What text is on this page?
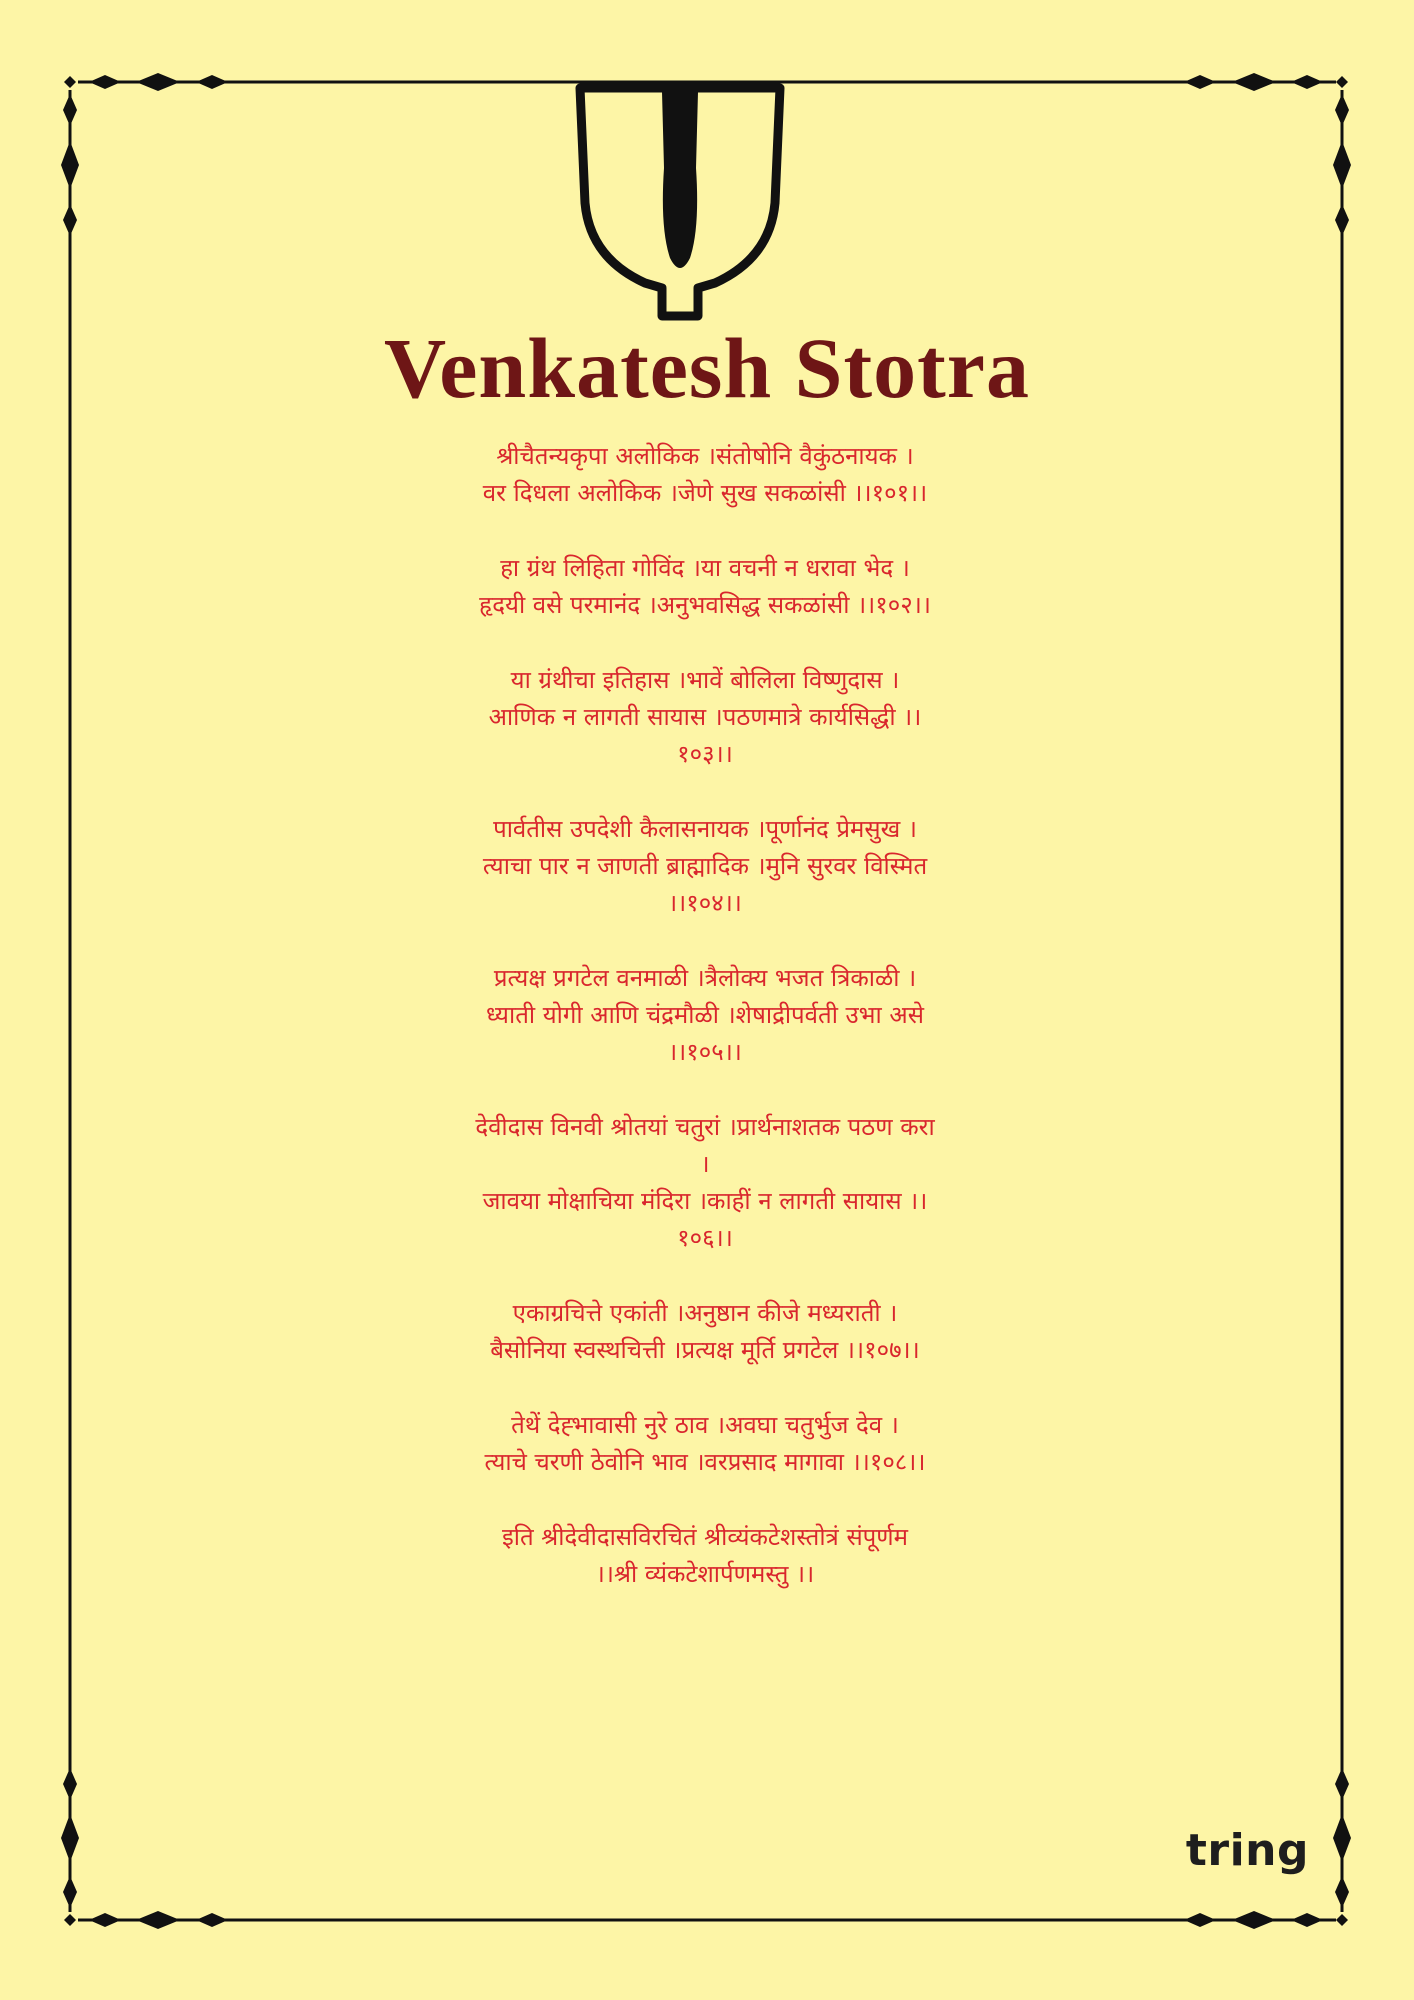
Venkatesh Stotra
श्रीचैतन्यकृपा अलोकिक ।संतोषोनि वैकुंठनायक ।
वर दिधला अलोकिक ।जेणे सुख सकळांसी ।।१०१।।
हा ग्रंथ लिहिता गोविंद ।या वचनी न धरावा भेद ।
हृदयी वसे परमानंद ।अनुभवसिद्ध सकळांसी ।।१०२।।
या ग्रंथीचा इतिहास ।भावें बोलिला विष्णुदास ।
आणिक न लागती सायास ।पठणमात्रे कार्यसिद्धी ।।
१०३।।
पार्वतीस उपदेशी कैलासनायक ।पूर्णानंद प्रेमसुख ।
त्याचा पार न जाणती ब्राह्मादिक ।मुनि सुरवर विस्मित
।।१०४।।
प्रत्यक्ष प्रगटेल वनमाळी ।त्रैलोक्य भजत त्रिकाळी ।
ध्याती योगी आणि चंद्रमौळी ।शेषाद्रीपर्वती उभा असे
।।१०५।।
देवीदास विनवी श्रोतयां चतुरां ।प्रार्थनाशतक पठण करा
।
जावया मोक्षाचिया मंदिरा ।काहीं न लागती सायास ।।
१०६।।
एकाग्रचित्ते एकांती ।अनुष्ठान कीजे मध्यराती ।
बैसोनिया स्वस्थचित्ती ।प्रत्यक्ष मूर्ति प्रगटेल ।।१०७।।
तेथें देह्भावासी नुरे ठाव ।अवघा चतुर्भुज देव ।
त्याचे चरणी ठेवोनि भाव ।वरप्रसाद मागावा ।।१०८।।
इति श्रीदेवीदासविरचितं श्रीव्यंकटेशस्तोत्रं संपूर्णम
।।श्री व्यंकटेशार्पणमस्तु ।।
tring
